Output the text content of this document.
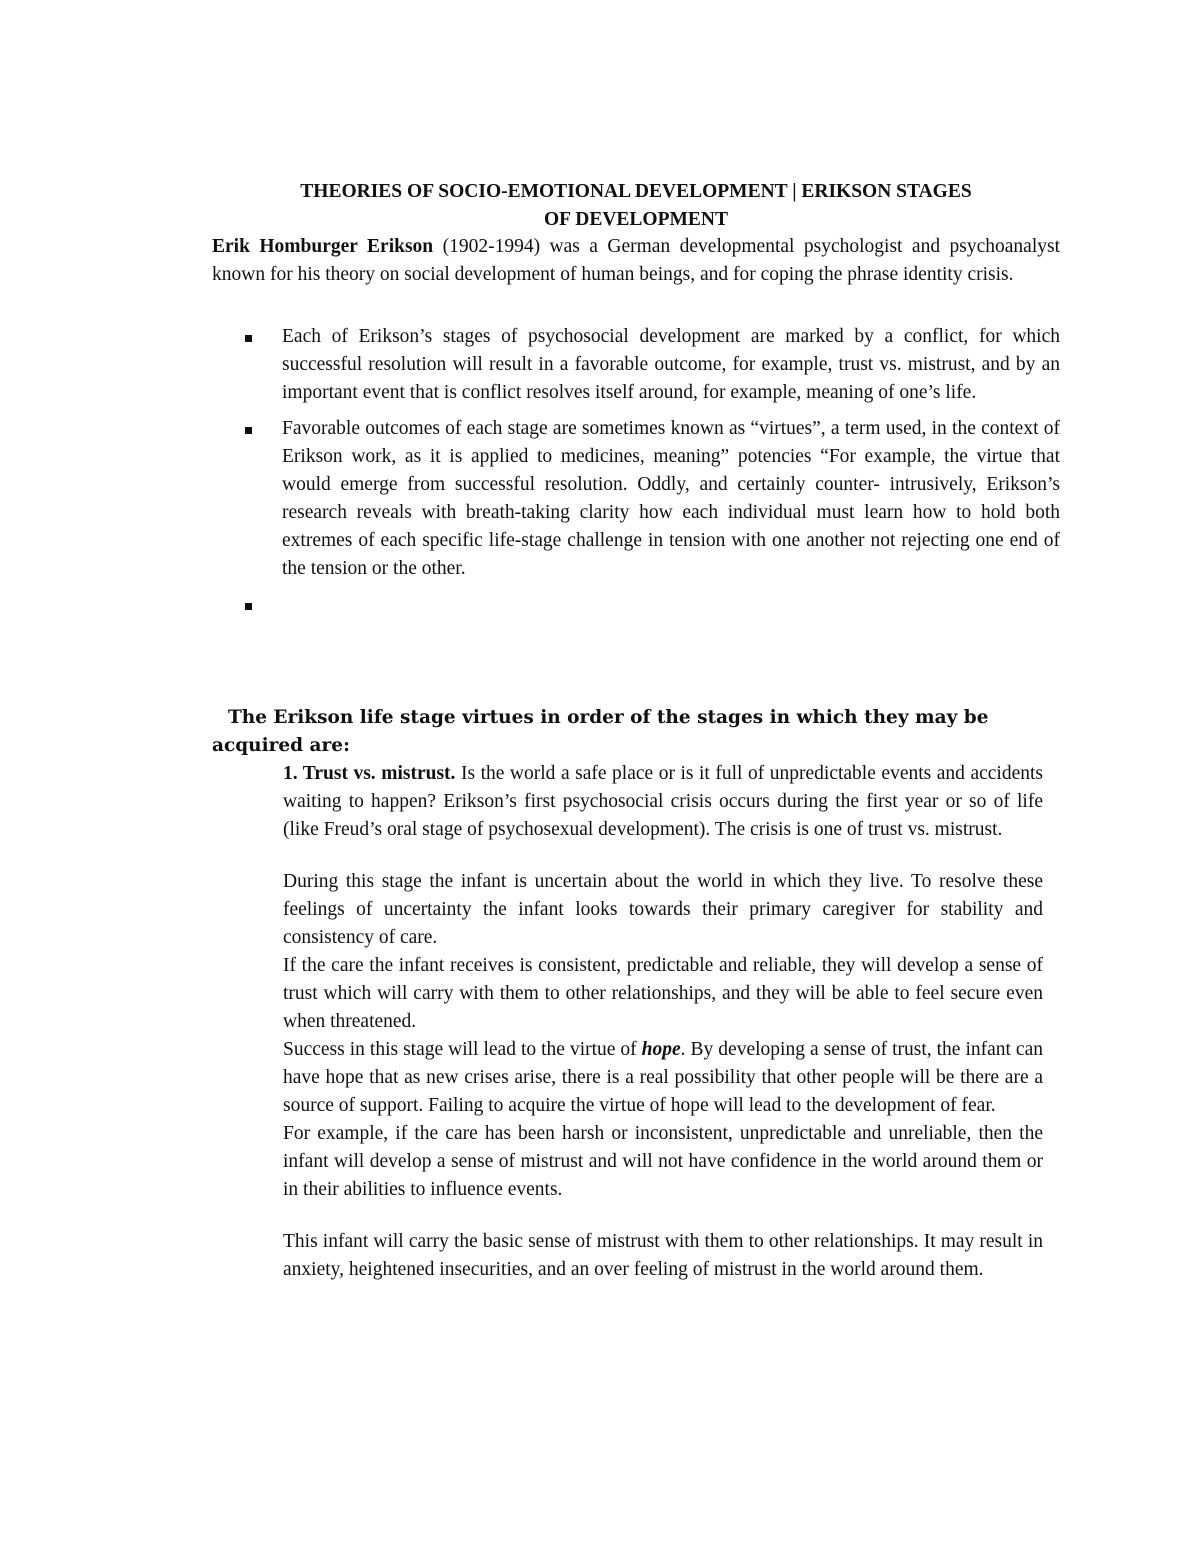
THEORIES OF SOCIO-EMOTIONAL DEVELOPMENT | ERIKSON STAGES
OF DEVELOPMENT

Erik Homburger Erikson (1902-1994) was a German developmental psychologist and psychoanalyst known for his theory on social development of human beings, and for coping the phrase identity crisis.

Each of Erikson’s stages of psychosocial development are marked by a conflict, for which successful resolution will result in a favorable outcome, for example, trust vs. mistrust, and by an important event that is conflict resolves itself around, for example, meaning of one’s life.
Favorable outcomes of each stage are sometimes known as “virtues”, a term used, in the context of Erikson work, as it is applied to medicines, meaning” potencies “For example, the virtue that would emerge from successful resolution. Oddly, and certainly counter- intrusively, Erikson’s research reveals with breath-taking clarity how each individual must learn how to hold both extremes of each specific life-stage challenge in tension with one another not rejecting one end of the tension or the other.
The Erikson life stage virtues in order of the stages in which they may be acquired are:

1. Trust vs. mistrust. Is the world a safe place or is it full of unpredictable events and accidents waiting to happen? Erikson’s first psychosocial crisis occurs during the first year or so of life (like Freud’s oral stage of psychosexual development). The crisis is one of trust vs. mistrust.

During this stage the infant is uncertain about the world in which they live. To resolve these feelings of uncertainty the infant looks towards their primary caregiver for stability and consistency of care.

If the care the infant receives is consistent, predictable and reliable, they will develop a sense of trust which will carry with them to other relationships, and they will be able to feel secure even when threatened.

Success in this stage will lead to the virtue of hope. By developing a sense of trust, the infant can have hope that as new crises arise, there is a real possibility that other people will be there are a source of support. Failing to acquire the virtue of hope will lead to the development of fear.

For example, if the care has been harsh or inconsistent, unpredictable and unreliable, then the infant will develop a sense of mistrust and will not have confidence in the world around them or in their abilities to influence events.

This infant will carry the basic sense of mistrust with them to other relationships. It may result in anxiety, heightened insecurities, and an over feeling of mistrust in the world around them.
